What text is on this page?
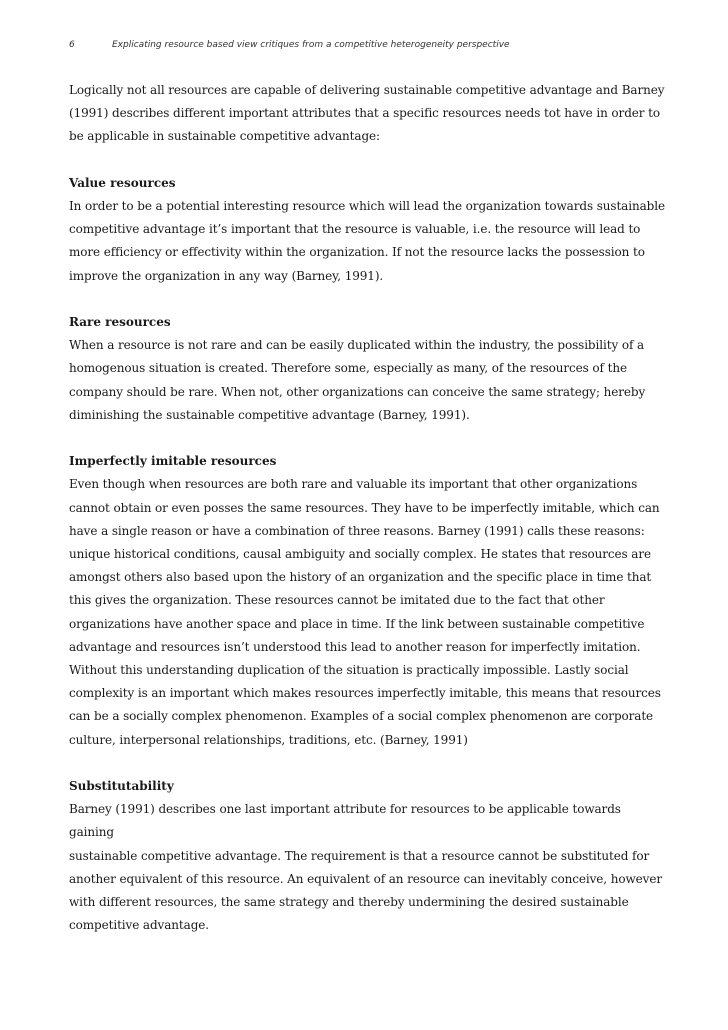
6	Explicating resource based view critiques from a competitive heterogeneity perspective

Logically not all resources are capable of delivering sustainable competitive advantage and Barney
(1991) describes different important attributes that a specific resources needs tot have in order to
be applicable in sustainable competitive advantage:

Value resources

In order to be a potential interesting resource which will lead the organization towards sustainable
competitive advantage it’s important that the resource is valuable, i.e. the resource will lead to
more efficiency or effectivity within the organization. If not the resource lacks the possession to
improve the organization in any way (Barney, 1991).

Rare resources

When a resource is not rare and can be easily duplicated within the industry, the possibility of a
homogenous situation is created. Therefore some, especially as many, of the resources of the
company should be rare. When not, other organizations can conceive the same strategy; hereby
diminishing the sustainable competitive advantage (Barney, 1991).

Imperfectly imitable resources

Even though when resources are both rare and valuable its important that other organizations
cannot obtain or even posses the same resources. They have to be imperfectly imitable, which can
have a single reason or have a combination of three reasons. Barney (1991) calls these reasons:
unique historical conditions, causal ambiguity and socially complex. He states that resources are
amongst others also based upon the history of an organization and the specific place in time that
this gives the organization. These resources cannot be imitated due to the fact that other
organizations have another space and place in time. If the link between sustainable competitive
advantage and resources isn’t understood this lead to another reason for imperfectly imitation.
Without this understanding duplication of the situation is practically impossible. Lastly social
complexity is an important which makes resources imperfectly imitable, this means that resources
can be a socially complex phenomenon. Examples of a social complex phenomenon are corporate
culture, interpersonal relationships, traditions, etc. (Barney, 1991)

Substitutability

Barney (1991) describes one last important attribute for resources to be applicable towards gaining
sustainable competitive advantage. The requirement is that a resource cannot be substituted for
another equivalent of this resource. An equivalent of an resource can inevitably conceive, however
with different resources, the same strategy and thereby undermining the desired sustainable
competitive advantage.
